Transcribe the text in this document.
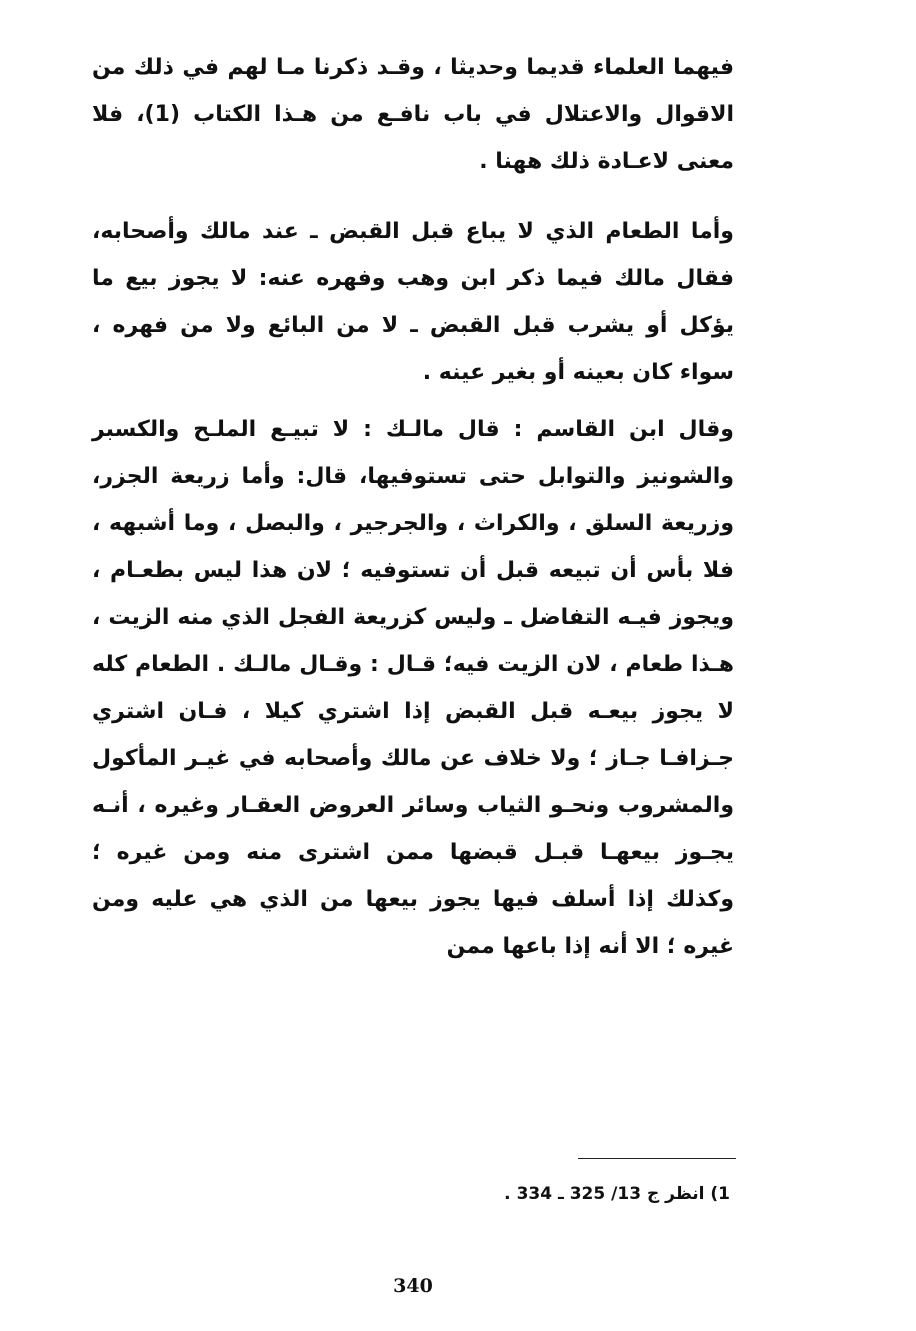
فيهما العلماء قديما وحديثا ، وقـد ذكرنا مـا لهم في ذلك من الاقوال والاعتلال في باب نافـع من هـذا الكتاب (1)، فلا معنى لاعـادة ذلك ههنا .

وأما الطعام الذي لا يباع قبل القبض ـ عند مالك وأصحابه، فقال مالك فيما ذكر ابن وهب وفهره عنه: لا يجوز بيع ما يؤكل أو يشرب قبل القبض ـ لا من البائع ولا من فهره ، سواء كان بعينه أو بغير عينه .

وقال ابن القاسم : قال مالـك : لا تبيـع الملـح والكسبر والشونيز والتوابل حتى تستوفيها، قال: وأما زريعة الجزر، وزريعة السلق ، والكراث ، والجرجير ، والبصل ، وما أشبهه ، فلا بأس أن تبيعه قبل أن تستوفيه ؛ لان هذا ليس بطعـام ، ويجوز فيـه التفاضل ـ وليس كزريعة الفجل الذي منه الزيت ، هـذا طعام ، لان الزيت فيه؛ قـال : وقـال مالـك . الطعام كله لا يجوز بيعـه قبل القبض إذا اشتري كيلا ، فـان اشتري جـزافـا جـاز ؛ ولا خلاف عن مالك وأصحابه في غيـر المأكول والمشروب ونحـو الثياب وسائر العروض العقـار وغيره ، أنـه يجـوز بيعهـا قبـل قبضها ممن اشترى منه ومن غيره ؛ وكذلك إذا أسلف فيها يجوز بيعها من الذي هي عليه ومن غيره ؛ الا أنه إذا باعها ممن

1) انظر ج 13/ 325 ـ 334 .
340
